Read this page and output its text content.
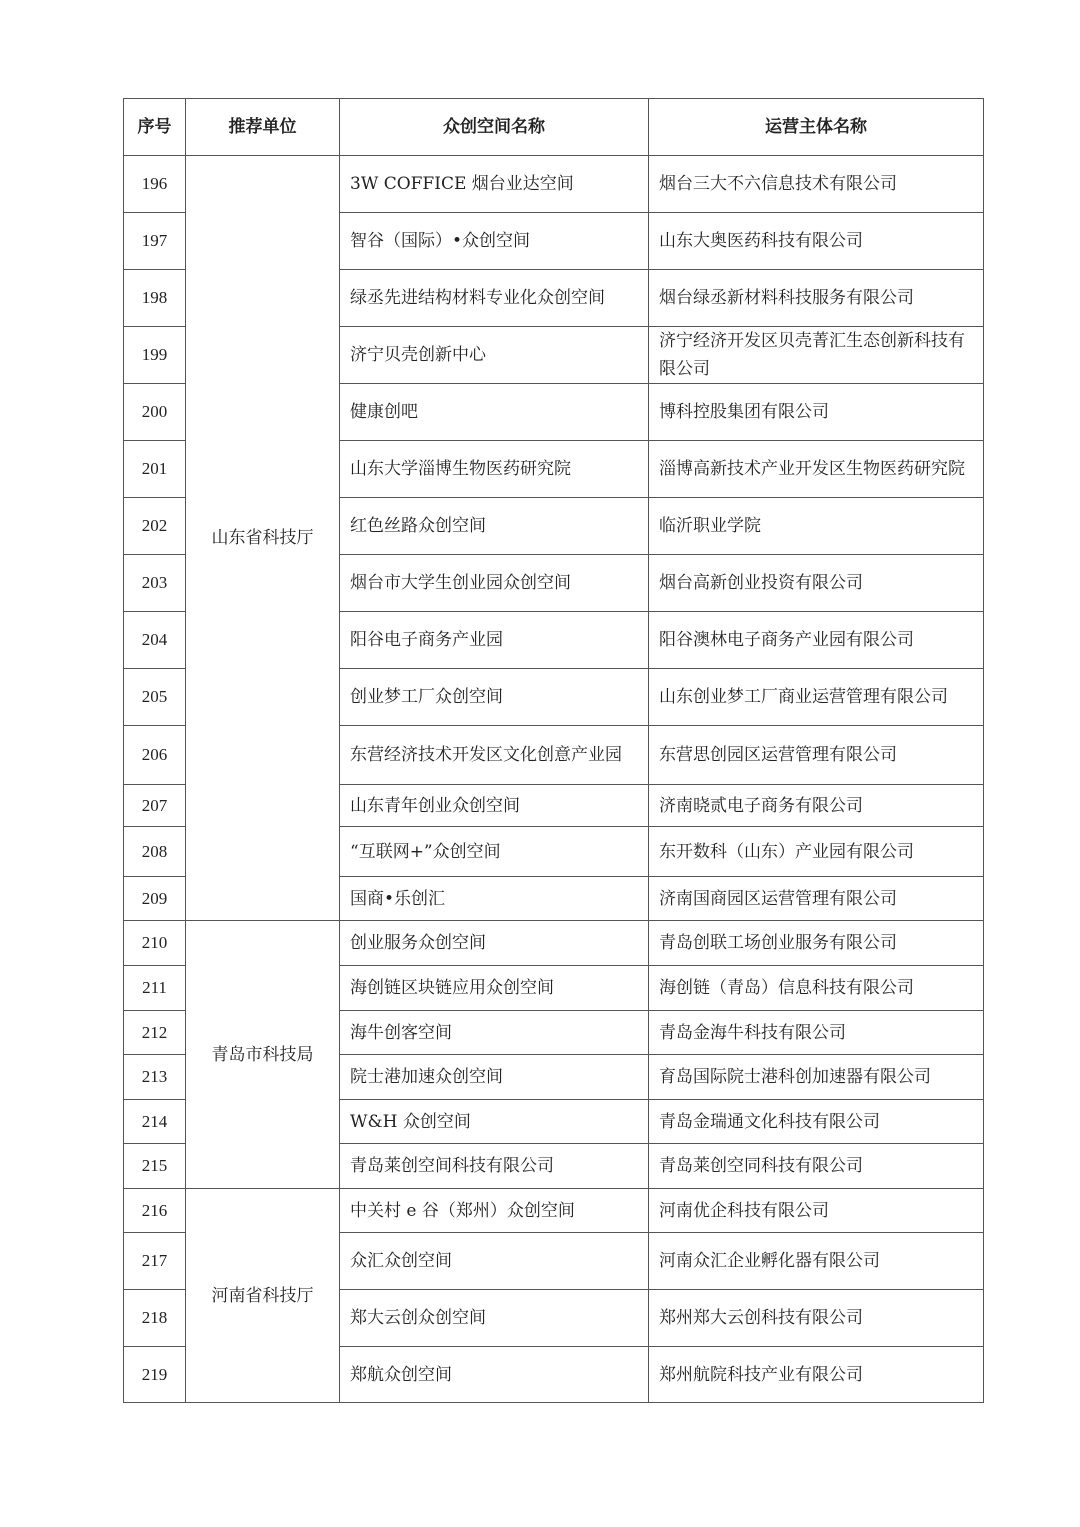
序号	推荐单位	众创空间名称	运营主体名称
196	山东省科技厅	3W COFFICE 烟台业达空间	烟台三大不六信息技术有限公司
197		智谷（国际）•众创空间	山东大奥医药科技有限公司
198		绿丞先进结构材料专业化众创空间	烟台绿丞新材料科技服务有限公司
199		济宁贝壳创新中心	济宁经济开发区贝壳菁汇生态创新科技有限公司
200		健康创吧	博科控股集团有限公司
201		山东大学淄博生物医药研究院	淄博高新技术产业开发区生物医药研究院
202		红色丝路众创空间	临沂职业学院
203		烟台市大学生创业园众创空间	烟台高新创业投资有限公司
204		阳谷电子商务产业园	阳谷澳林电子商务产业园有限公司
205		创业梦工厂众创空间	山东创业梦工厂商业运营管理有限公司
206		东营经济技术开发区文化创意产业园	东营思创园区运营管理有限公司
207		山东青年创业众创空间	济南晓贰电子商务有限公司
208		“互联网+”众创空间	东开数科（山东）产业园有限公司
209		国商•乐创汇	济南国商园区运营管理有限公司
210	青岛市科技局	创业服务众创空间	青岛创联工场创业服务有限公司
211		海创链区块链应用众创空间	海创链（青岛）信息科技有限公司
212		海牛创客空间	青岛金海牛科技有限公司
213		院士港加速众创空间	育岛国际院士港科创加速器有限公司
214		W&H 众创空间	青岛金瑞通文化科技有限公司
215		青岛莱创空间科技有限公司	青岛莱创空同科技有限公司
216	河南省科技厅	中关村 e 谷（郑州）众创空间	河南优企科技有限公司
217		众汇众创空间	河南众汇企业孵化器有限公司
218		郑大云创众创空间	郑州郑大云创科技有限公司
219		郑航众创空间	郑州航院科技产业有限公司
